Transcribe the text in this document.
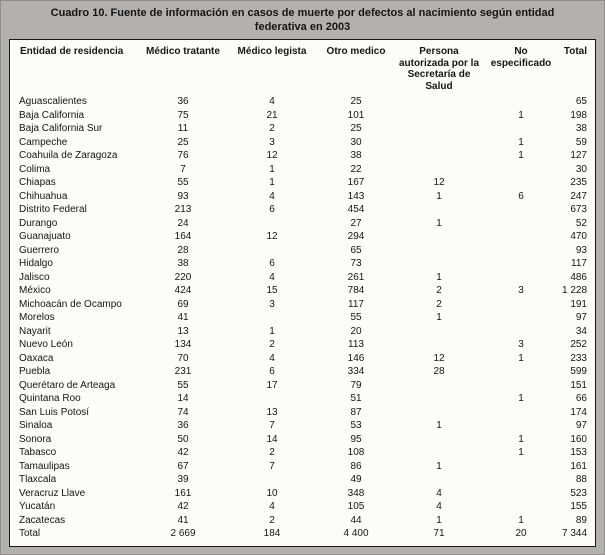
Cuadro 10. Fuente de información en casos de muerte por defectos al nacimiento según entidad federativa en 2003
Entidad de residencia	Médico tratante	Médico legista	Otro medico	Persona autorizada por la Secretaría de Salud	No especificado	Total
Aguascalientes	36	4	25			65
Baja California	75	21	101		1	198
Baja California Sur	11	2	25			38
Campeche	25	3	30		1	59
Coahuila de Zaragoza	76	12	38		1	127
Colima	7	1	22			30
Chiapas	55	1	167	12		235
Chihuahua	93	4	143	1	6	247
Distrito Federal	213	6	454			673
Durango	24		27	1		52
Guanajuato	164	12	294			470
Guerrero	28		65			93
Hidalgo	38	6	73			117
Jalisco	220	4	261	1		486
México	424	15	784	2	3	1 228
Michoacán de Ocampo	69	3	117	2		191
Morelos	41		55	1		97
Nayarit	13	1	20			34
Nuevo León	134	2	113		3	252
Oaxaca	70	4	146	12	1	233
Puebla	231	6	334	28		599
Querétaro de Arteaga	55	17	79			151
Quintana Roo	14		51		1	66
San Luis Potosí	74	13	87			174
Sinaloa	36	7	53	1		97
Sonora	50	14	95		1	160
Tabasco	42	2	108		1	153
Tamaulipas	67	7	86	1		161
Tlaxcala	39		49			88
Veracruz Llave	161	10	348	4		523
Yucatán	42	4	105	4		155
Zacatecas	41	2	44	1	1	89
Total	2 669	184	4 400	71	20	7 344
